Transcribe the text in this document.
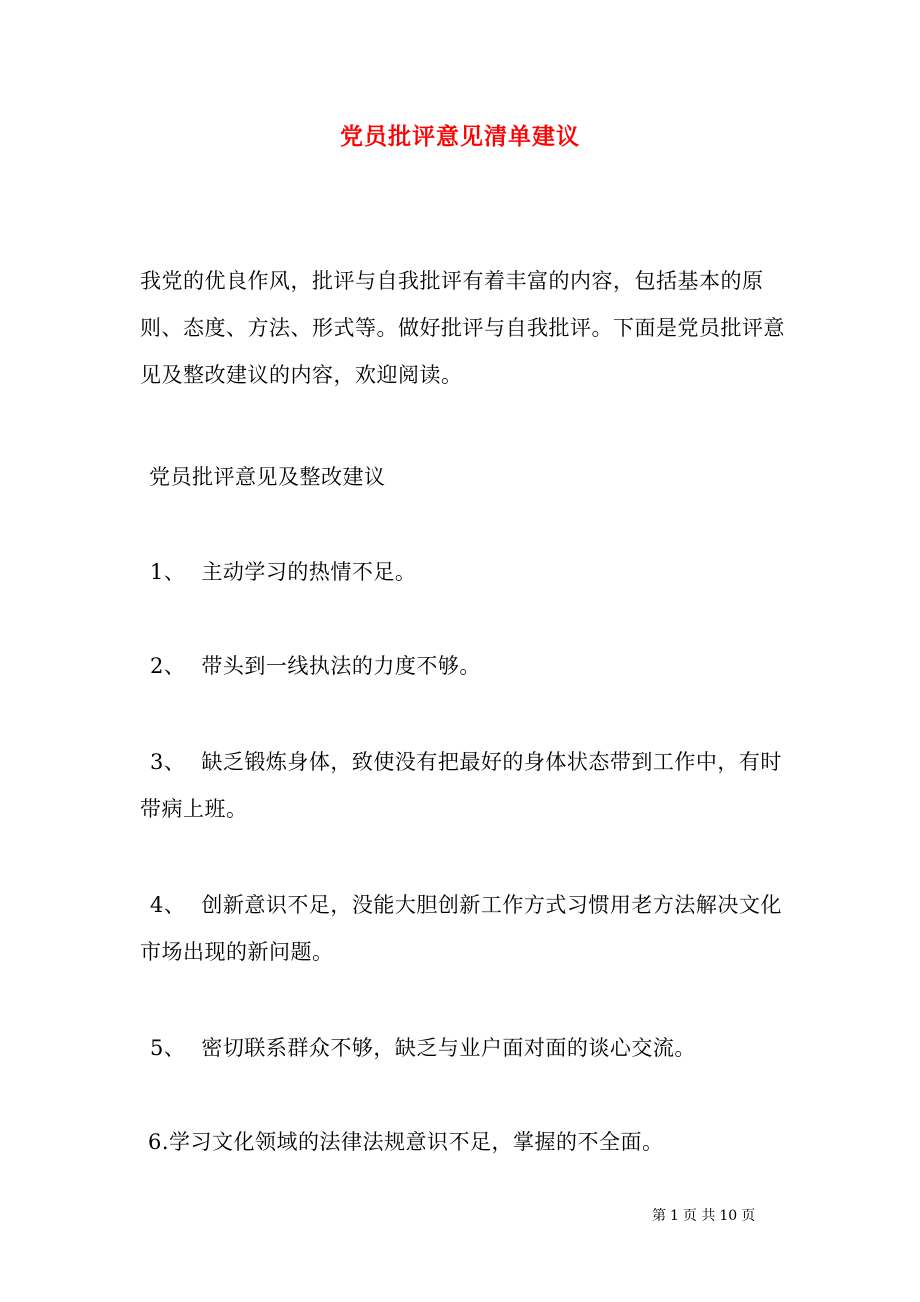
党员批评意见清单建议
我党的优良作风，批评与自我批评有着丰富的内容，包括基本的原则、态度、方法、形式等。做好批评与自我批评。下面是党员批评意见及整改建议的内容，欢迎阅读。
党员批评意见及整改建议
1、 主动学习的热情不足。
2、 带头到一线执法的力度不够。
3、 缺乏锻炼身体，致使没有把最好的身体状态带到工作中，有时
带病上班。
4、 创新意识不足，没能大胆创新工作方式习惯用老方法解决文化
市场出现的新问题。
5、 密切联系群众不够，缺乏与业户面对面的谈心交流。
6.学习文化领域的法律法规意识不足，掌握的不全面。
第 1 页 共 10 页
